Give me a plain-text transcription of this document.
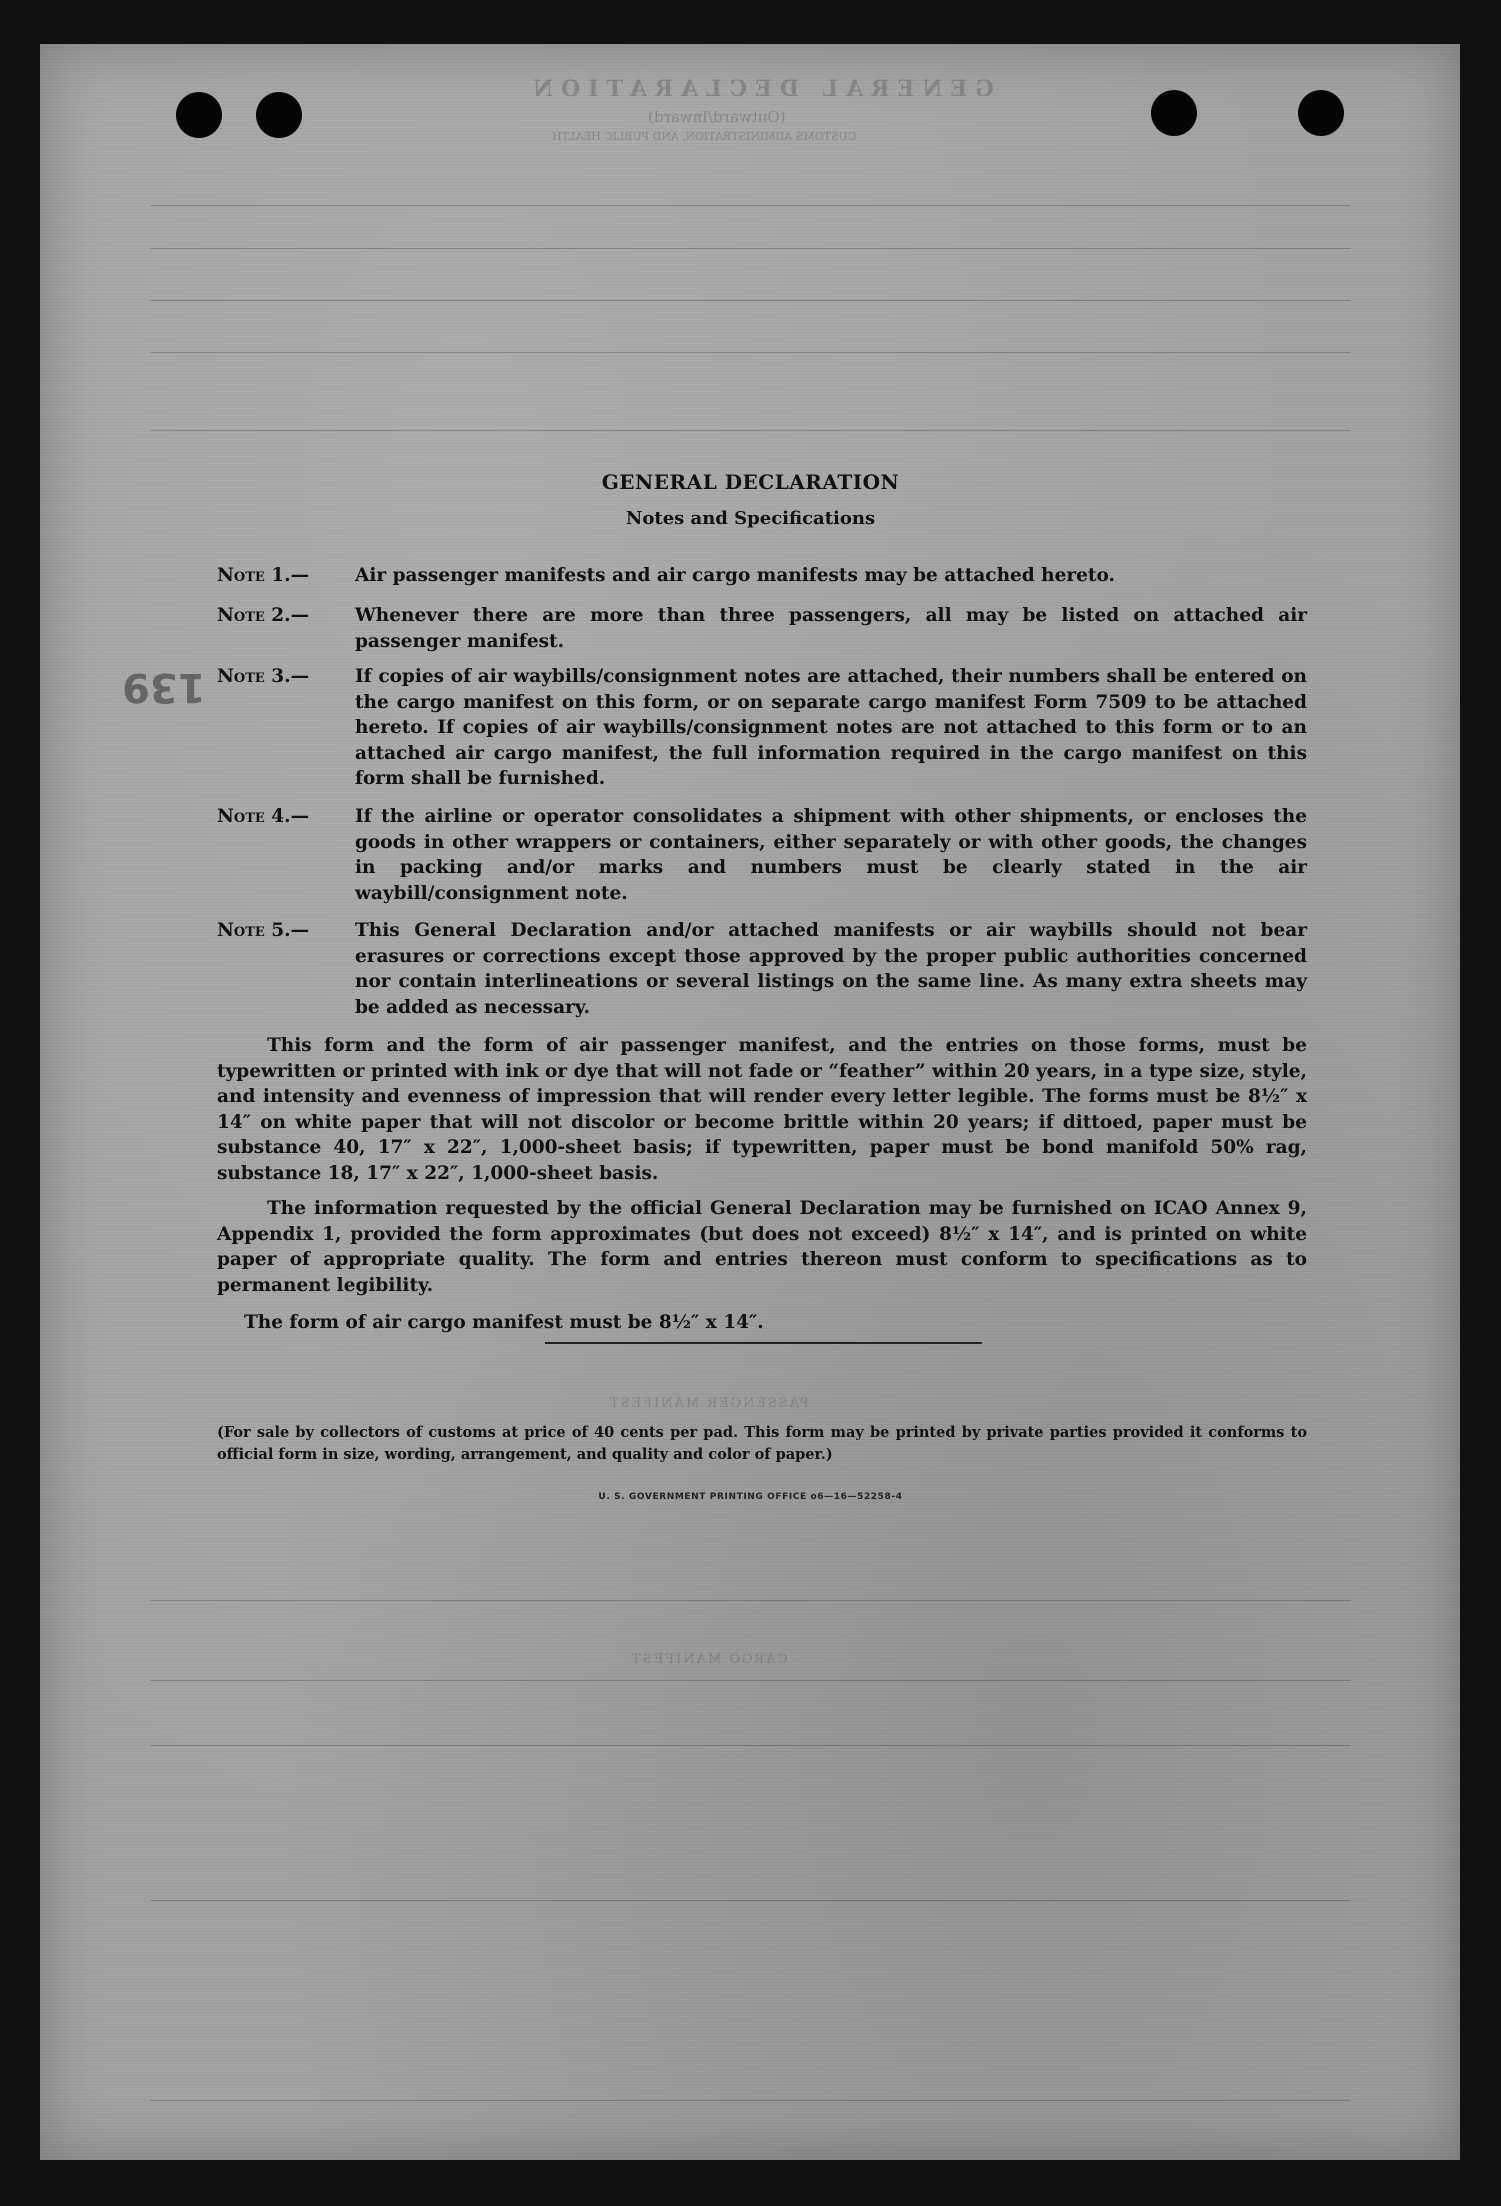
GENERAL DECLARATION
(Outward/Inward)
CUSTOMS ADMINISTRATION, AND PUBLIC HEALTH
PASSENGER MANIFEST
CARGO MANIFEST
139
GENERAL DECLARATION
Notes and Specifications
Note 1.— Air passenger manifests and air cargo manifests may be attached hereto.
Note 2.— Whenever there are more than three passengers, all may be listed on attached air passenger manifest.
Note 3.— If copies of air waybills/consignment notes are attached, their numbers shall be entered on the cargo manifest on this form, or on separate cargo manifest Form 7509 to be attached hereto. If copies of air waybills/consignment notes are not attached to this form or to an attached air cargo manifest, the full information required in the cargo manifest on this form shall be furnished.
Note 4.— If the airline or operator consolidates a shipment with other shipments, or encloses the goods in other wrappers or containers, either separately or with other goods, the changes in packing and/or marks and numbers must be clearly stated in the air waybill/consignment note.
Note 5.— This General Declaration and/or attached manifests or air waybills should not bear erasures or corrections except those approved by the proper public authorities concerned nor contain interlineations or several listings on the same line. As many extra sheets may be added as necessary.
This form and the form of air passenger manifest, and the entries on those forms, must be typewritten or printed with ink or dye that will not fade or “feather” within 20 years, in a type size, style, and intensity and evenness of impression that will render every letter legible. The forms must be 8½″ x 14″ on white paper that will not discolor or become brittle within 20 years; if dittoed, paper must be substance 40, 17″ x 22″, 1,000-sheet basis; if typewritten, paper must be bond manifold 50% rag, substance 18, 17″ x 22″, 1,000-sheet basis.
The information requested by the official General Declaration may be furnished on ICAO Annex 9, Appendix 1, provided the form approximates (but does not exceed) 8½″ x 14″, and is printed on white paper of appropriate quality. The form and entries thereon must conform to specifications as to permanent legibility.
The form of air cargo manifest must be 8½″ x 14″.
(For sale by collectors of customs at price of 40 cents per pad. This form may be printed by private parties provided it conforms to official form in size, wording, arrangement, and quality and color of paper.)
U. S. GOVERNMENT PRINTING OFFICE o6—16—52258-4
